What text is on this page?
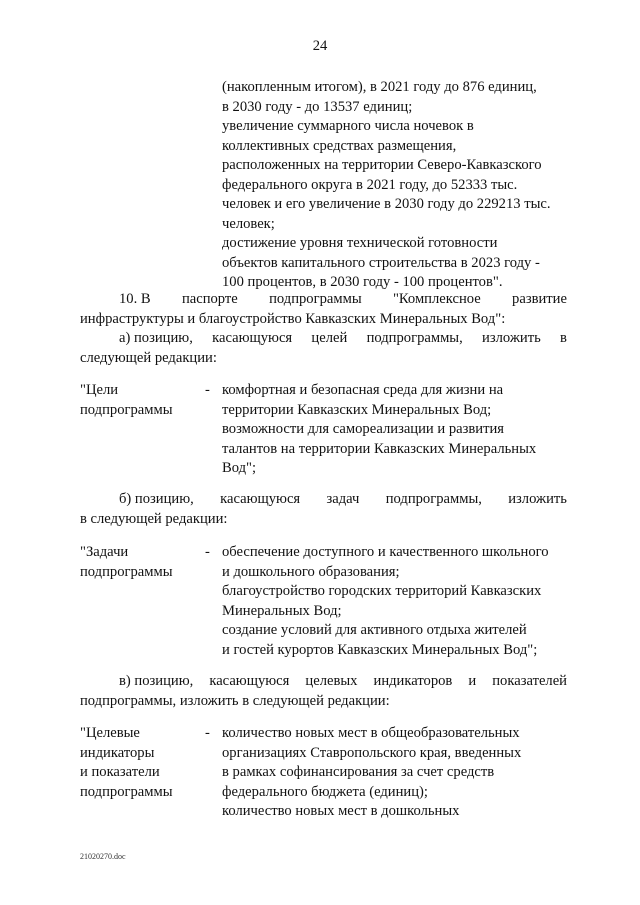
24
(накопленным итогом), в 2021 году до 876 единиц,
в 2030 году - до 13537 единиц;
увеличение суммарного числа ночевок в
коллективных средствах размещения,
расположенных на территории Северо-Кавказского
федерального округа в 2021 году, до 52333 тыс.
человек и его увеличение в 2030 году до 229213 тыс.
человек;
достижение уровня технической готовности
объектов капитального строительства в 2023 году -
100 процентов, в 2030 году - 100 процентов".
10. В паспорте подпрограммы "Комплексное развитие
инфраструктуры и благоустройство Кавказских Минеральных Вод":
а) позицию, касающуюся целей подпрограммы, изложить в
следующей редакции:
"Цели
подпрограммы
- комфортная и безопасная среда для жизни на
территории Кавказских Минеральных Вод;
возможности для самореализации и развития
талантов на территории Кавказских Минеральных
Вод";
б) позицию, касающуюся задач подпрограммы, изложить
в следующей редакции:
"Задачи
подпрограммы
- обеспечение доступного и качественного школьного
и дошкольного образования;
благоустройство городских территорий Кавказских
Минеральных Вод;
создание условий для активного отдыха жителей
и гостей курортов Кавказских Минеральных Вод";
в) позицию, касающуюся целевых индикаторов и показателей
подпрограммы, изложить в следующей редакции:
"Целевые
индикаторы
и показатели
подпрограммы
- количество новых мест в общеобразовательных
организациях Ставропольского края, введенных
в рамках софинансирования за счет средств
федерального бюджета (единиц);
количество новых мест в дошкольных
21020270.doc
